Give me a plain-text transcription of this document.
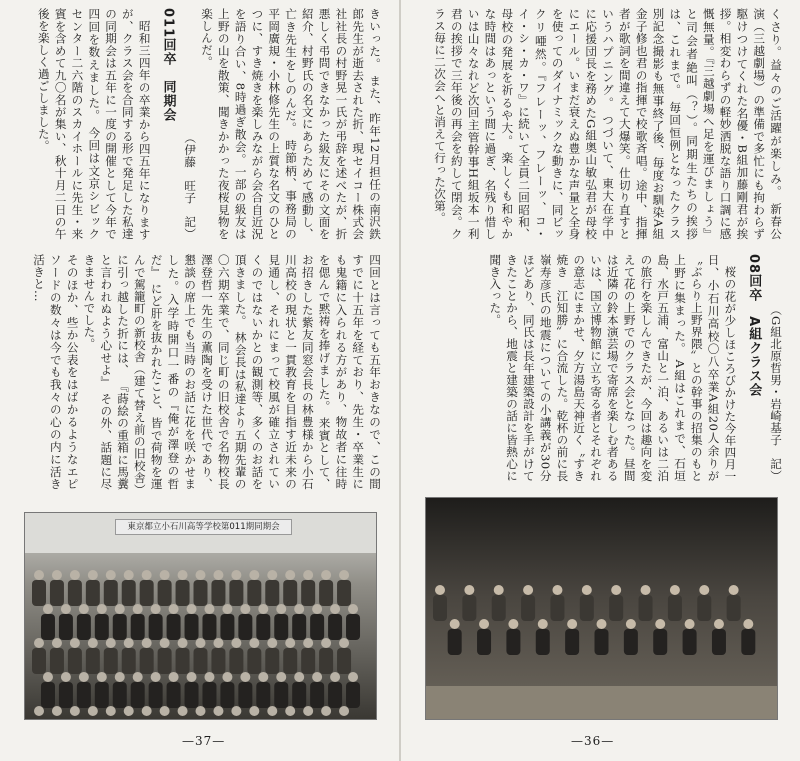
きいった。 また、昨年12月担任の南沢鉄郎先生が逝去された折、現セイコー株式会社社長の村野晃一氏が弔辞を述べたが、折悪しく弔問できなかった級友にその文面を紹介、村野氏の名文にあらためて感動し、亡き先生をしのんだ。 時節柄、事務局の平岡廣規・小林修先生の上質な名文のひとつに、すき焼きを楽しみながら会合自近況を語り合い、8時過ぎ散会。一部の級友は上野の山を散策、聞きかかった夜桜見物を楽しんだ。

（伊藤　旺子　記）

011回卒　同期会

昭和三四年の卒業から四五年になりますが、クラス会を合同する形で発足した私達の同期会は五年に一度の開催として今年で四回を数えました。 今回は文京シビックセンター二六階のスカイホールに先生・来賓を含めて九〇名が集い、秋十月二日の午後を楽しく過ごしました。

四回とは言っても五年おきなので、この間すでに十五年を経ており、先生・卒業生にも鬼籍に入られる方があり、物故者に往時を偲んで黙祷を捧げました。 来賓として、お招きした紫友同窓会長の林豊様から小石川高校の現状と一貫教育を目指す近未来の見通し、それにまって校風が確立されていくのではないかとの観測等、多くのお話を頂きました。 林会長は私達より五期先輩の〇六期卒業で、同じ町の旧校舎で名物校長澤登哲一先生の薫陶を受けた世代であり、懇談の席上でも当時のお話に花を咲かせました。入学時開口一番の『俺が澤登の哲だ』 にど肝を抜かれたこと、皆で荷物を運んで駕籠町の新校舎（建て替え前の旧校舎）に引っ越した折には、 『蒔絵の重箱に馬糞と言われぬよう心せよ』 その外、話題に尽きませんでした。

そのほか、些か公表をはばかるようなエピソードの数々は今でも我々の心の内に活き活きと…

東京都立小石川高等学校第011期同期会
—37—

くさり。益々のご活躍が楽しみ。 新春公演（三越劇場）の準備で多忙にも拘わらず駆けつけてくれた名優・B組加藤剛君が挨拶。相変わらずの軽妙洒脱な語り口調に感慨無量。『三越劇場へ足を運びましょう』と司会者絶叫（？）。同期生たちの挨拶は、これまで。 毎回恒例となったクラス別記念撮影も無事終了後、毎度お馴染A組金子修也君の指揮で校歌斉唱。途中、指揮者が歌詞を間違えて大爆笑。仕切り直すというハプニング。 つづいて、東大在学中に応援団長を務めたG組奥山敏弘君が母校にエール。いまだ衰えぬ豊かな声量と全身を使ってのダイナミックな動きに、同ビックリ唖然。『フレーッ、フレーッ、コ・イ・シ・カ・ワ』に続いて全員二回昭和、母校の発展を祈るや大。 楽しくも和やかな時間はあっという間に過ぎ、名残り惜しいは山々なれど次回主管幹事H組坂本一利君の挨拶で三年後の再会を約して閉会。クラス毎に二次会へと消えて行った次第。

（G組北原哲男・岩崎基子　記）

08回卒　A組クラス会

桜の花が少しほころびかけた今年四月一日、小石川高校〇八卒業A組20人余りが〝ぶらり上野界隈〟との幹事の招集のもと上野に集まった。 A組はこれまで、石垣島、水戸五浦、富山と一泊、あるいは二泊の旅行を楽しんできたが、今回は趣向を変えて花の上野でのクラス会となった。昼間は近隣の鈴本演芸場で寄席を楽しむ者あるいは、国立博物館に立ち寄る者とそれぞれの意志にまかせ、夕方湯島天神近く〝すき焼き　江知勝〟に合流した。乾杯の前に長嶺寿彦氏の地震についての小講義が30分ほどあり、同氏は長年建築設計を手がけてきたことから、地震と建築の話に皆熱心に聞き入った。

—36—
